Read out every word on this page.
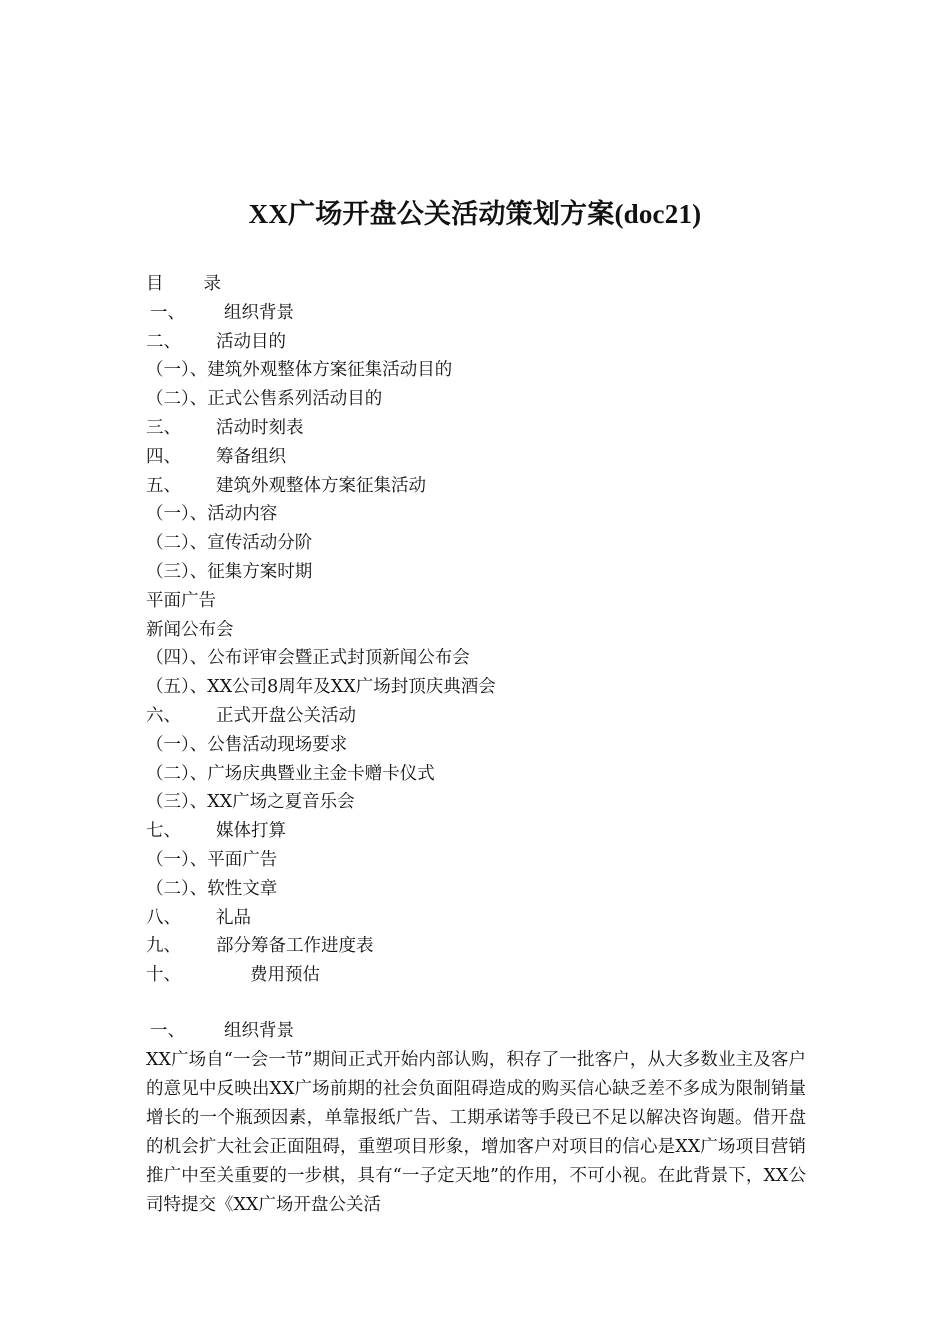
XX广场开盘公关活动策划方案(doc21)
目 录
一、 组织背景
二、 活动目的
（一）、建筑外观整体方案征集活动目的
（二）、正式公售系列活动目的
三、 活动时刻表
四、 筹备组织
五、 建筑外观整体方案征集活动
（一）、活动内容
（二）、宣传活动分阶
（三）、征集方案时期
平面广告
新闻公布会
（四）、公布评审会暨正式封顶新闻公布会
（五）、XX公司8周年及XX广场封顶庆典酒会
六、 正式开盘公关活动
（一）、公售活动现场要求
（二）、广场庆典暨业主金卡赠卡仪式
（三）、XX广场之夏音乐会
七、 媒体打算
（一）、平面广告
（二）、软性文章
八、 礼品
九、 部分筹备工作进度表
十、	费用预估
一、 组织背景

XX广场自“一会一节”期间正式开始内部认购，积存了一批客户，从大多数业主及客户的意见中反映出XX广场前期的社会负面阻碍造成的购买信心缺乏差不多成为限制销量增长的一个瓶颈因素，单靠报纸广告、工期承诺等手段已不足以解决咨询题。借开盘的机会扩大社会正面阻碍，重塑项目形象，增加客户对项目的信心是XX广场项目营销推广中至关重要的一步棋，具有“一子定天地”的作用，不可小视。在此背景下，XX公司特提交《XX广场开盘公关活
